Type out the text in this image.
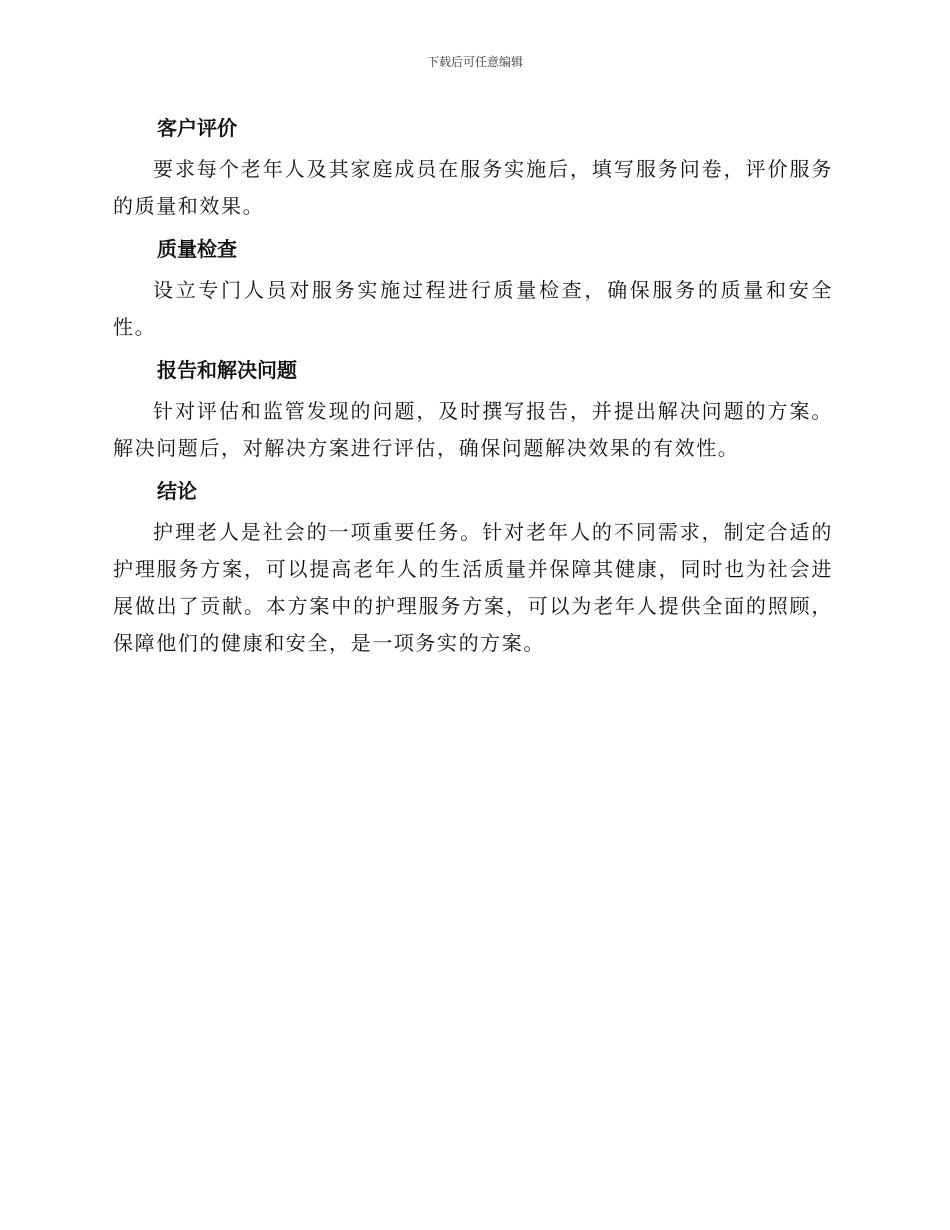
下载后可任意编辑
客户评价

要求每个老年人及其家庭成员在服务实施后，填写服务问卷，评价服务的质量和效果。

质量检查

设立专门人员对服务实施过程进行质量检查，确保服务的质量和安全性。

报告和解决问题

针对评估和监管发现的问题，及时撰写报告，并提出解决问题的方案。解决问题后，对解决方案进行评估，确保问题解决效果的有效性。

结论

护理老人是社会的一项重要任务。针对老年人的不同需求，制定合适的护理服务方案，可以提高老年人的生活质量并保障其健康，同时也为社会进展做出了贡献。本方案中的护理服务方案，可以为老年人提供全面的照顾，保障他们的健康和安全，是一项务实的方案。
